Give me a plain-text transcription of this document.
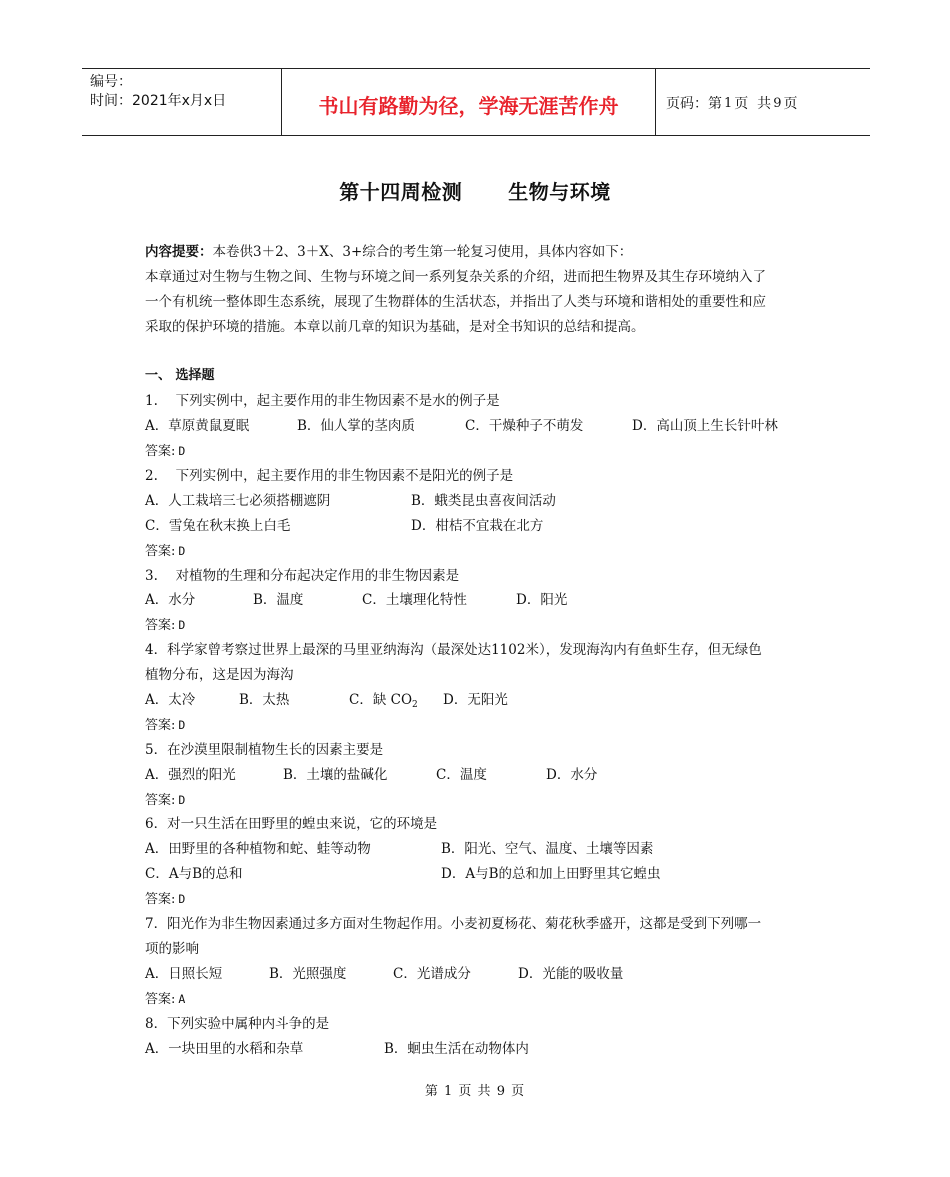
编号：
时间：2021年x月x日	书山有路勤为径，学海无涯苦作舟	页码：第 1 页  共 9 页
第十四周检测 生物与环境
内容提要：本卷供3＋2、3＋X、3+综合的考生第一轮复习使用，具体内容如下：
本章通过对生物与生物之间、生物与环境之间一系列复杂关系的介绍，进而把生物界及其生存环境纳入了
一个有机统一整体即生态系统，展现了生物群体的生活状态，并指出了人类与环境和谐相处的重要性和应
采取的保护环境的措施。本章以前几章的知识为基础，是对全书知识的总结和提高。
一、 选择题
1.　 下列实例中，起主要作用的非生物因素不是水的例子是
A．草原黄鼠夏眠	B．仙人掌的茎肉质	C．干燥种子不萌发	D．高山顶上生长针叶林
答案: D
2.　 下列实例中，起主要作用的非生物因素不是阳光的例子是
A．人工栽培三七必须搭棚遮阴	B．蛾类昆虫喜夜间活动
C．雪兔在秋末换上白毛	D．柑桔不宜栽在北方
答案: D
3.　 对植物的生理和分布起决定作用的非生物因素是
A．水分	B．温度	C．土壤理化特性	D．阳光
答案: D
4．科学家曾考察过世界上最深的马里亚纳海沟（最深处达1102米），发现海沟内有鱼虾生存，但无绿色
植物分布，这是因为海沟
A．太冷	B．太热	C．缺 $CO_2$ D．无阳光
答案: D
5．在沙漠里限制植物生长的因素主要是
A．强烈的阳光	B．土壤的盐碱化	C．温度	D．水分
答案: D
6．对一只生活在田野里的蝗虫来说，它的环境是
A．田野里的各种植物和蛇、蛙等动物	B．阳光、空气、温度、土壤等因素
C．A与B的总和	D．A与B的总和加上田野里其它蝗虫
答案: D
7．阳光作为非生物因素通过多方面对生物起作用。小麦初夏杨花、菊花秋季盛开，这都是受到下列哪一
项的影响
A．日照长短	B．光照强度	C．光谱成分	D．光能的吸收量
答案: A
8．下列实验中属种内斗争的是
A．一块田里的水稻和杂草	B．蛔虫生活在动物体内
第 1 页 共 9 页
